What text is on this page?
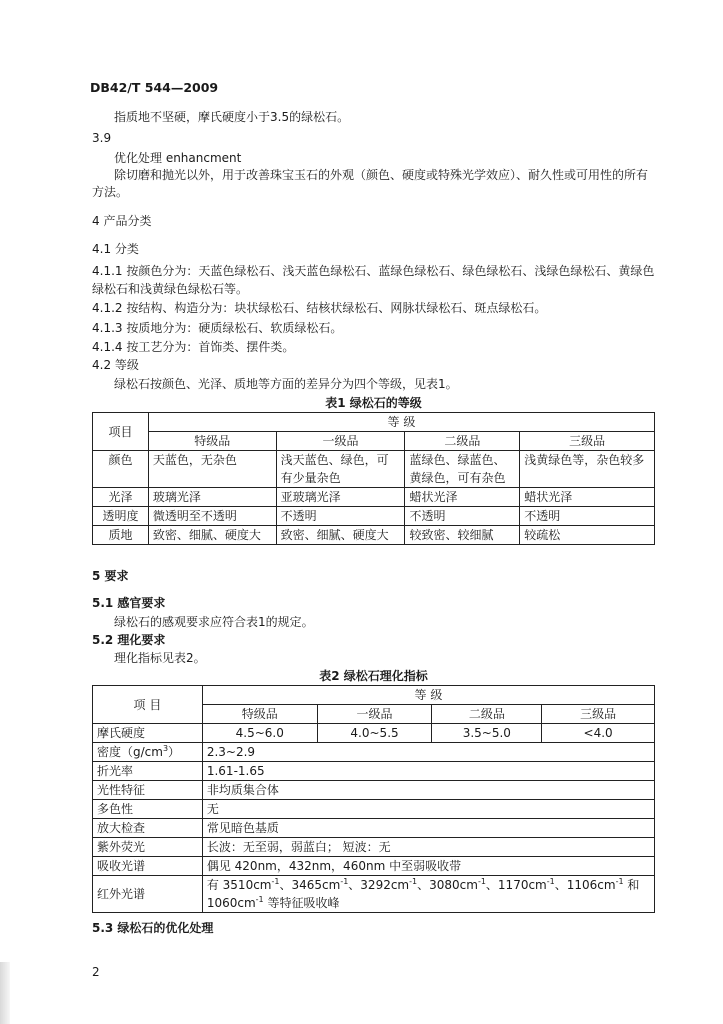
DB42/T 544—2009
指质地不坚硬，摩氏硬度小于3.5的绿松石。
3.9
优化处理 enhancment
除切磨和抛光以外，用于改善珠宝玉石的外观（颜色、硬度或特殊光学效应）、耐久性或可用性的所有方法。
4 产品分类
4.1 分类
4.1.1 按颜色分为：天蓝色绿松石、浅天蓝色绿松石、蓝绿色绿松石、绿色绿松石、浅绿色绿松石、黄绿色绿松石和浅黄绿色绿松石等。
4.1.2 按结构、构造分为：块状绿松石、结核状绿松石、网脉状绿松石、斑点绿松石。
4.1.3 按质地分为：硬质绿松石、软质绿松石。
4.1.4 按工艺分为：首饰类、摆件类。
4.2 等级
绿松石按颜色、光泽、质地等方面的差异分为四个等级，见表1。
表1 绿松石的等级
项目	等 级			
	特级品	一级品	二级品	三级品
颜色	天蓝色，无杂色	浅天蓝色、绿色，可有少量杂色	蓝绿色、绿蓝色、黄绿色，可有杂色	浅黄绿色等，杂色较多
光泽	玻璃光泽	亚玻璃光泽	蜡状光泽	蜡状光泽
透明度	微透明至不透明	不透明	不透明	不透明
质地	致密、细腻、硬度大	致密、细腻、硬度大	较致密、较细腻	较疏松
5 要求
5.1 感官要求
绿松石的感观要求应符合表1的规定。
5.2 理化要求
理化指标见表2。
表2 绿松石理化指标
项 目	等 级			
	特级品	一级品	二级品	三级品
摩氏硬度	4.5~6.0	4.0~5.5	3.5~5.0	<4.0
密度$(g/cm^3)$	2.3~2.9			
折光率	1.61-1.65			
光性特征	非均质集合体			
多色性	无			
放大检查	常见暗色基质			
紫外荧光	长波：无至弱，弱蓝白； 短波：无			
吸收光谱	偶见 420nm，432nm，460nm 中至弱吸收带			
红外光谱	有 $3510cm^{-1}$、$3465cm^{-1}$、$3292cm^{-1}$、$3080cm^{-1}$、$1170cm^{-1}$、$1106cm^{-1}$ 和 $1060cm^{-1}$ 等特征吸收峰			
5.3 绿松石的优化处理
2
